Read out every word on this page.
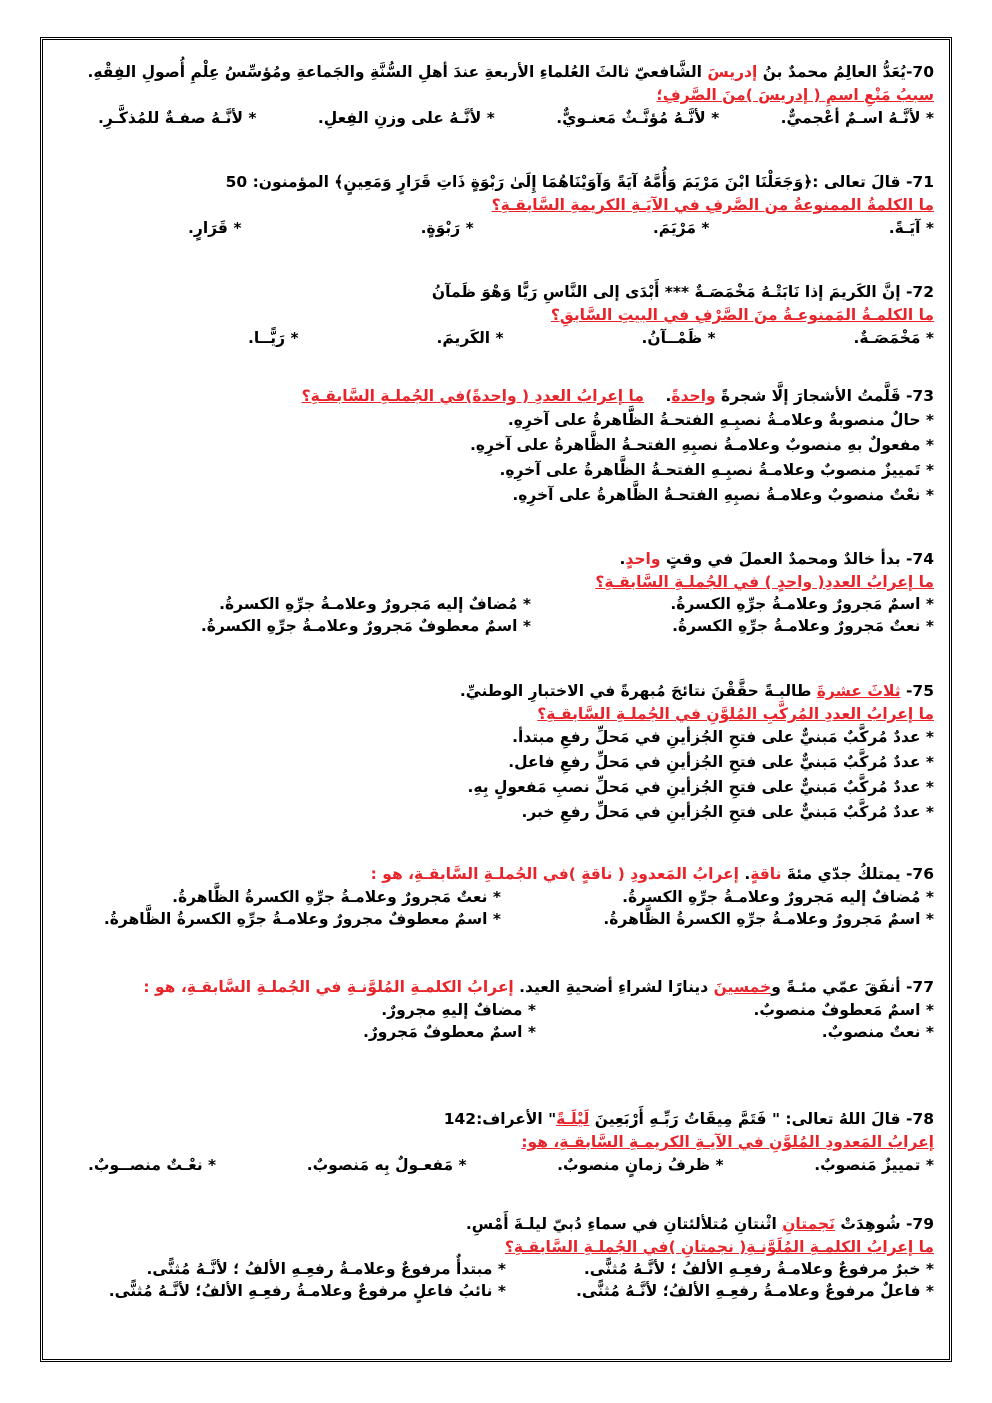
70-يُعَدُّ العالِمُ محمدٌ بنُ إدريسَ الشَّافعيّ ثالثَ العُلماءِ الأربعةِ عندَ أهلِ السُّنَّةِ والجَماعةِ ومُؤسِّسُ عِلْمِ أُصولِ الفِقْهِ.
سببُ مَنْعِ اسمِ ( إدريسَ )منَ الصَّرفِ؛
* لأنَّـهُ اسـمٌ أعْجميٌّ.
* لأنَّـهُ مُؤنَّـثٌ مَعنـويٌّ.
* لأنَّـهُ على وزنِ الفِعلِ.
* لأنَّـهُ صفـةٌ للمُذكَّـرِ.
71- قالَ تعالى :﴿وَجَعَلْنَا ابْنَ مَرْيَمَ وَأُمَّهُ آيَةً وَآوَيْنَاهُمَا إِلَىٰ رَبْوَةٍ ذَاتِ قَرَارٍ وَمَعِينٍ﴾ المؤمنون: 50
ما الكلمةُ الممنوعةُ من الصَّرفِ في الآيَـةِ الكريمةِ السَّابقـةِ؟
* آيَـةً.
* مَرْيَمَ.
* رَبْوَةٍ.
* قَرَارٍ.
72- إنَّ الكَريمَ إذا نَابَتْـهُ مَخْمَصَـةٌ *** أَبْدَى إلى النَّاسِ رَيًّا وَهْوَ ظَمآنُ
ما الكلمـةُ المَمنوعـةُ منَ الصَّرْفِ في البيتِ السَّابقِ؟
* مَخْمَصَـةٌ.
* ظَمْــآنُ.
* الكَريمَ.
* رَيًّــا.
73- قَلَّمتُ الأشجارَ إلَّا شجرةً واحدةً.    ما إعرابُ العددِ ( واحدةً)في الجُملـةِ السَّابقـةِ؟
* حالٌ منصوبةٌ وعلامـةُ نصبِـهِ الفتحـةُ الظَّاهرةُ على آخرِهِ.
* مفعولٌ بهِ منصوبٌ وعلامـةُ نصبِهِ الفتحـةُ الظَّاهرةُ على آخرِهِ.
* تَمييزٌ منصوبٌ وعلامـةُ نصبِـهِ الفتحـةُ الظَّاهرةُ على آخرِهِ.
* نعْتٌ منصوبٌ وعلامـةُ نصبِهِ الفتحـةُ الظَّاهرةُ على آخرِهِ.
74- بدأ خالدٌ ومحمدٌ العملَ في وقتٍ واحدٍ.
ما إعرابُ العددِ( واحدٍ ) في الجُملـةِ السَّابقـةِ؟
* اسمٌ مَجرورٌ وعلامـةُ جرِّهِ الكسرةُ.
* مُضافٌ إليه مَجرورٌ وعلامـةُ جرِّهِ الكسرةُ.
* نعتٌ مَجرورٌ وعلامـةُ جرِّهِ الكسرةُ.
* اسمٌ معطوفٌ مَجرورٌ وعلامـةُ جرِّهِ الكسرةُ.
75- ثلاثَ عشرةَ طالبـةً حقَّقْنَ نتائجَ مُبهرةً في الاختبارِ الوطنيِّ.
ما إعرابُ العددِ المُركَّبِ المُلوَّنِ في الجُملـةِ السَّابقـةِ؟
* عددٌ مُركَّبٌ مَبنيٌّ على فتحِ الجُزأينِ في مَحلِّ رفعِ مبتدأ.
* عددٌ مُركَّبٌ مَبنيٌّ على فتحِ الجُزأينِ في مَحلِّ رفعِ فاعل.
* عددٌ مُركَّبٌ مَبنيٌّ على فتحِ الجُزأينِ في مَحلِّ نصبِ مَفعولٍ بِهِ.
* عددٌ مُركَّبٌ مَبنيٌّ على فتحِ الجُزأينِ في مَحلِّ رفعِ خبر.
76- يمتلكُ جدّي مئةَ ناقةٍ. إعرابُ المَعدودِ ( ناقةٍ )في الجُملـةِ السَّابقـةِ، هو :
* مُضافٌ إليه مَجرورٌ وعلامـةُ جرِّهِ الكسرةُ.
* نعتٌ مَجرورٌ وعلامـةُ جرِّهِ الكسرةُ الظَّاهرةُ.
* اسمٌ مَجرورٌ وعلامـةُ جرِّهِ الكسرةُ الظَّاهرةُ.
* اسمٌ معطوفٌ مجرورٌ وعلامـةُ جرِّهِ الكسرةُ الظَّاهرةُ.
77- أنفَقَ عمّي مئـةً وخمسينَ دينارًا لشراءِ أضحيةِ العيد. إعرابُ الكلمـةِ المُلوَّنـةِ في الجُملـةِ السَّابقـةِ، هو :
* اسمٌ مَعطوفٌ منصوبٌ.
* مضافٌ إليهِ مجرورٌ.
* نعتٌ منصوبٌ.
* اسمٌ معطوفٌ مَجرورٌ.
78- قالَ اللهُ تعالى: " فَتَمَّ مِيقَاتُ رَبِّـهِ أَرْبَعِينَ لَيْلَـةً" الأعراف:142
إعرابُ المَعدودِ المُلوَّنِ في الآيـةِ الكريمـةِ السَّابقـةِ، هو:
* تمييزٌ مَنصوبٌ.
* ظرفُ زمانٍ منصوبٌ.
* مَفعـولٌ بِه مَنصوبٌ.
* نعْـتٌ منصــوبٌ.
79- شُوهِدَتْ نَجمتانِ اثْنتانِ مُتلألئتانِ في سماءِ دُبيّ ليلـةَ أَمْسِ.
ما إعرابُ الكلمـةِ المُلَوَّنـةِ( نجمتانِ )في الجُملـةِ السَّابقـةِ؟
* خبرٌ مرفوعٌ وعلامـةُ رفعِـهِ الألفُ ؛ لأنَّـهُ مُثنًّى.
* مبتدأٌ مرفوعٌ وعلامـةُ رفعِـهِ الألفُ ؛ لأنَّـهُ مُثنًّى.
* فاعلٌ مرفوعٌ وعلامـةُ رفعِـهِ الألفُ؛ لأنَّـهُ مُثنًّى.
* نائبُ فاعلٍ مرفوعٌ وعلامـةُ رفعِـهِ الألفُ؛ لأنَّـهُ مُثنًّى.
